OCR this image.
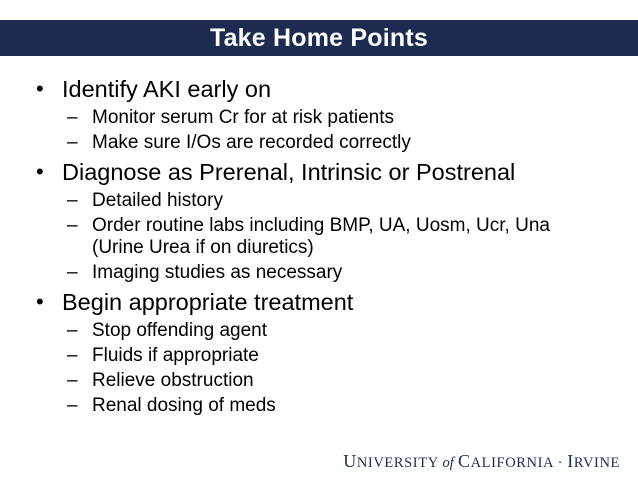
Take Home Points
• Identify AKI early on
– Monitor serum Cr for at risk patients
– Make sure I/Os are recorded correctly
• Diagnose as Prerenal, Intrinsic or Postrenal
– Detailed history
– Order routine labs including BMP, UA, Uosm, Ucr, Una (Urine Urea if on diuretics)
– Imaging studies as necessary
• Begin appropriate treatment
– Stop offending agent
– Fluids if appropriate
– Relieve obstruction
– Renal dosing of meds
UNIVERSITY of CALIFORNIA · IRVINE
